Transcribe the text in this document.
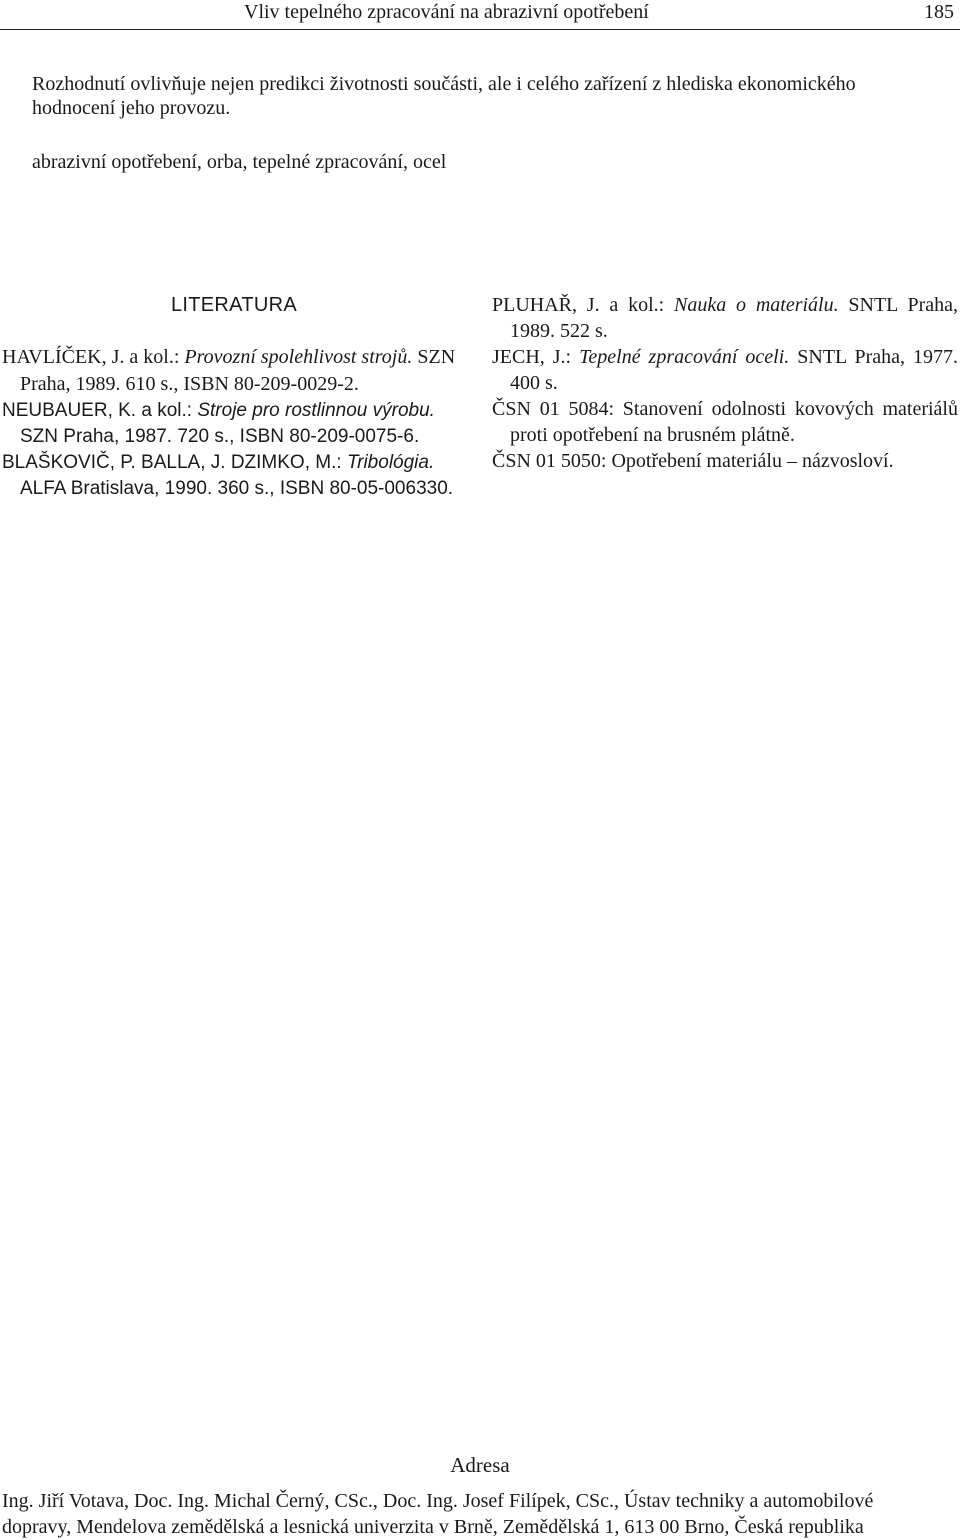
Vliv tepelného zpracování na abrazivní opotřebení	185
Rozhodnutí ovlivňuje nejen predikci životnosti součásti, ale i celého zařízení z hlediska ekonomického hodnocení jeho provozu.
abrazivní opotřebení, orba, tepelné zpracování, ocel
LITERATURA

HAVLÍČEK, J. a kol.: Provozní spolehlivost strojů. SZN Praha, 1989. 610 s., ISBN 80-209-0029-2.

NEUBAUER, K. a kol.: Stroje pro rostlinnou výrobu. SZN Praha, 1987. 720 s., ISBN 80-209-0075-6.

BLAŠKOVIČ, P. BALLA, J. DZIMKO, M.: Tribológia. ALFA Bratislava, 1990. 360 s., ISBN 80-05-006330.

PLUHAŘ, J. a kol.: Nauka o materiálu. SNTL Praha, 1989. 522 s.

JECH, J.: Tepelné zpracování oceli. SNTL Praha, 1977. 400 s.

ČSN 01 5084: Stanovení odolnosti kovových materiálů proti opotřebení na brusném plátně.

ČSN 01 5050: Opotřebení materiálu – názvosloví.

Adresa
Ing. Jiří Votava, Doc. Ing. Michal Černý, CSc., Doc. Ing. Josef Filípek, CSc., Ústav techniky a automobilové
dopravy, Mendelova zemědělská a lesnická univerzita v Brně, Zemědělská 1, 613 00 Brno, Česká republika
